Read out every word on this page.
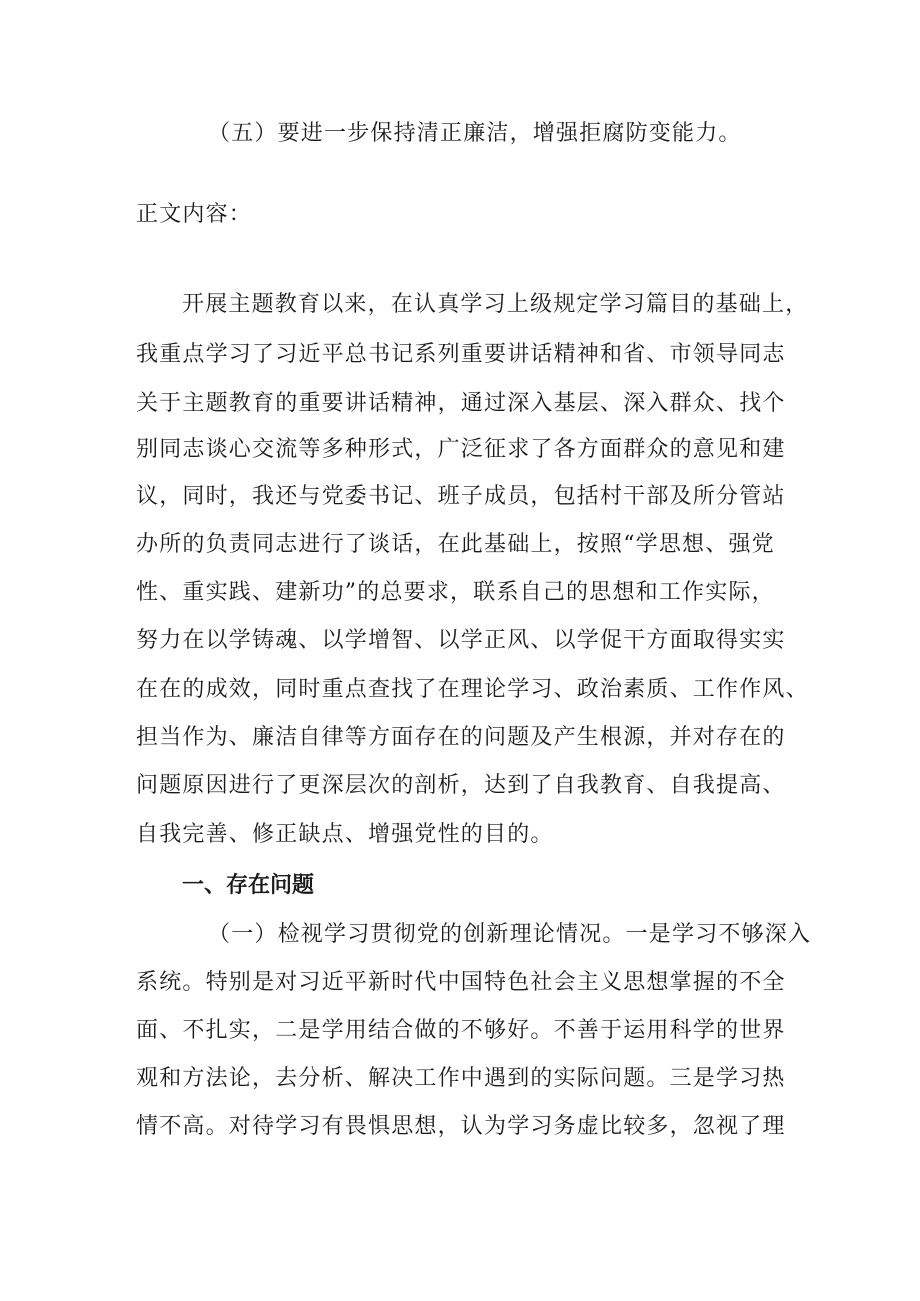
（五）要进一步保持清正廉洁，增强拒腐防变能力。
正文内容：
开展主题教育以来，在认真学习上级规定学习篇目的基础上，
我重点学习了习近平总书记系列重要讲话精神和省、市领导同志
关于主题教育的重要讲话精神，通过深入基层、深入群众、找个
别同志谈心交流等多种形式，广泛征求了各方面群众的意见和建
议，同时，我还与党委书记、班子成员，包括村干部及所分管站
办所的负责同志进行了谈话，在此基础上，按照“学思想、强党
性、重实践、建新功”的总要求，联系自己的思想和工作实际，
努力在以学铸魂、以学增智、以学正风、以学促干方面取得实实
在在的成效，同时重点查找了在理论学习、政治素质、工作作风、
担当作为、廉洁自律等方面存在的问题及产生根源，并对存在的
问题原因进行了更深层次的剖析，达到了自我教育、自我提高、
自我完善、修正缺点、增强党性的目的。
一、存在问题
（一）检视学习贯彻党的创新理论情况。一是学习不够深入
系统。特别是对习近平新时代中国特色社会主义思想掌握的不全
面、不扎实，二是学用结合做的不够好。不善于运用科学的世界
观和方法论，去分析、解决工作中遇到的实际问题。三是学习热
情不高。对待学习有畏惧思想，认为学习务虚比较多，忽视了理
